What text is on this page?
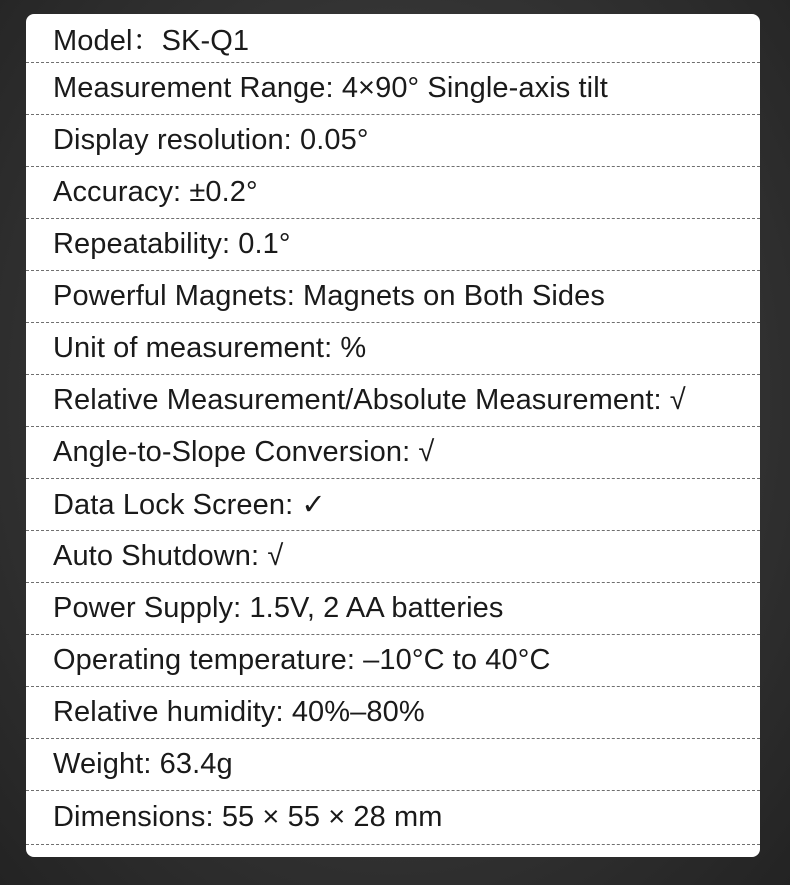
Model：SK-Q1
Measurement Range: 4×90° Single-axis tilt
Display resolution: 0.05°
Accuracy: ±0.2°
Repeatability: 0.1°
Powerful Magnets: Magnets on Both Sides
Unit of measurement: %
Relative Measurement/Absolute Measurement: √
Angle-to-Slope Conversion: √
Data Lock Screen: ✓
Auto Shutdown: √
Power Supply: 1.5V, 2 AA batteries
Operating temperature: –10°C to 40°C
Relative humidity: 40%–80%
Weight: 63.4g
Dimensions: 55 × 55 × 28 mm
